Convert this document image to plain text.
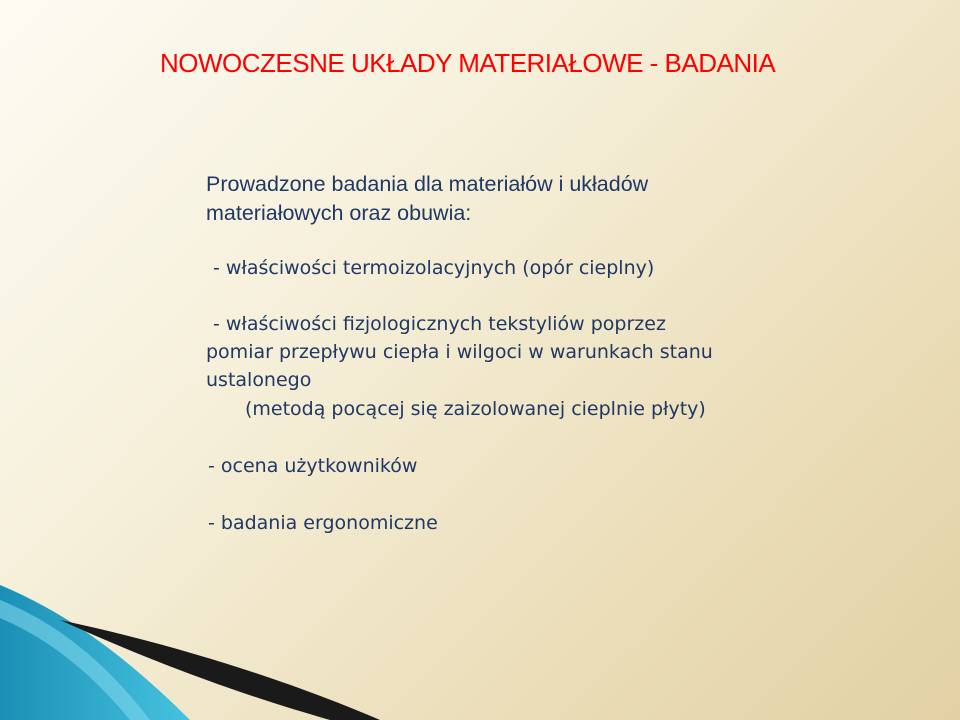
NOWOCZESNE UKŁADY MATERIAŁOWE - BADANIA
Prowadzone badania dla materiałów i układów
materiałowych oraz obuwia:
- właściwości termoizolacyjnych (opór cieplny)
- właściwości fizjologicznych tekstyliów poprzez
pomiar przepływu ciepła i wilgoci w warunkach stanu
ustalonego
(metodą pocącej się zaizolowanej cieplnie płyty)
- ocena użytkowników
- badania ergonomiczne
